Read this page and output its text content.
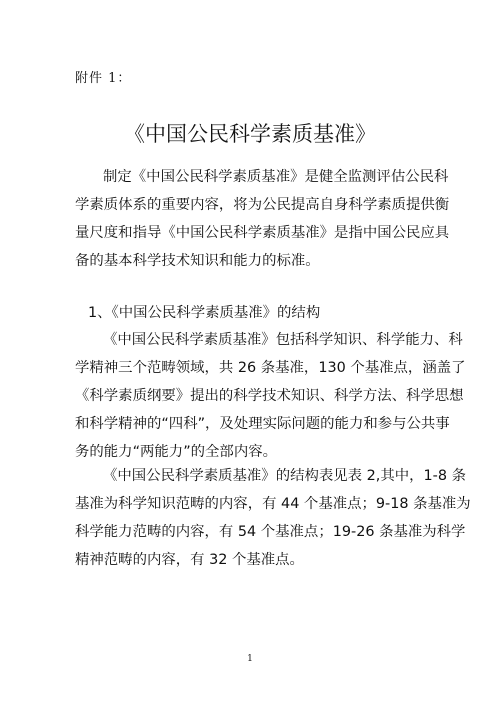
附件 1：
《中国公民科学素质基准》
制定《中国公民科学素质基准》是健全监测评估公民科
学素质体系的重要内容，将为公民提高自身科学素质提供衡
量尺度和指导《中国公民科学素质基准》是指中国公民应具
备的基本科学技术知识和能力的标准。
1、《中国公民科学素质基准》的结构
《中国公民科学素质基准》包括科学知识、科学能力、科
学精神三个范畴领域，共 26 条基准，130 个基准点，涵盖了
《科学素质纲要》提出的科学技术知识、科学方法、科学思想
和科学精神的“四科”，及处理实际问题的能力和参与公共事
务的能力“两能力”的全部内容。
《中国公民科学素质基准》的结构表见表 2,其中，1-8 条
基准为科学知识范畴的内容，有 44 个基准点；9-18 条基准为
科学能力范畴的内容，有 54 个基准点；19-26 条基准为科学
精神范畴的内容，有 32 个基准点。
1
